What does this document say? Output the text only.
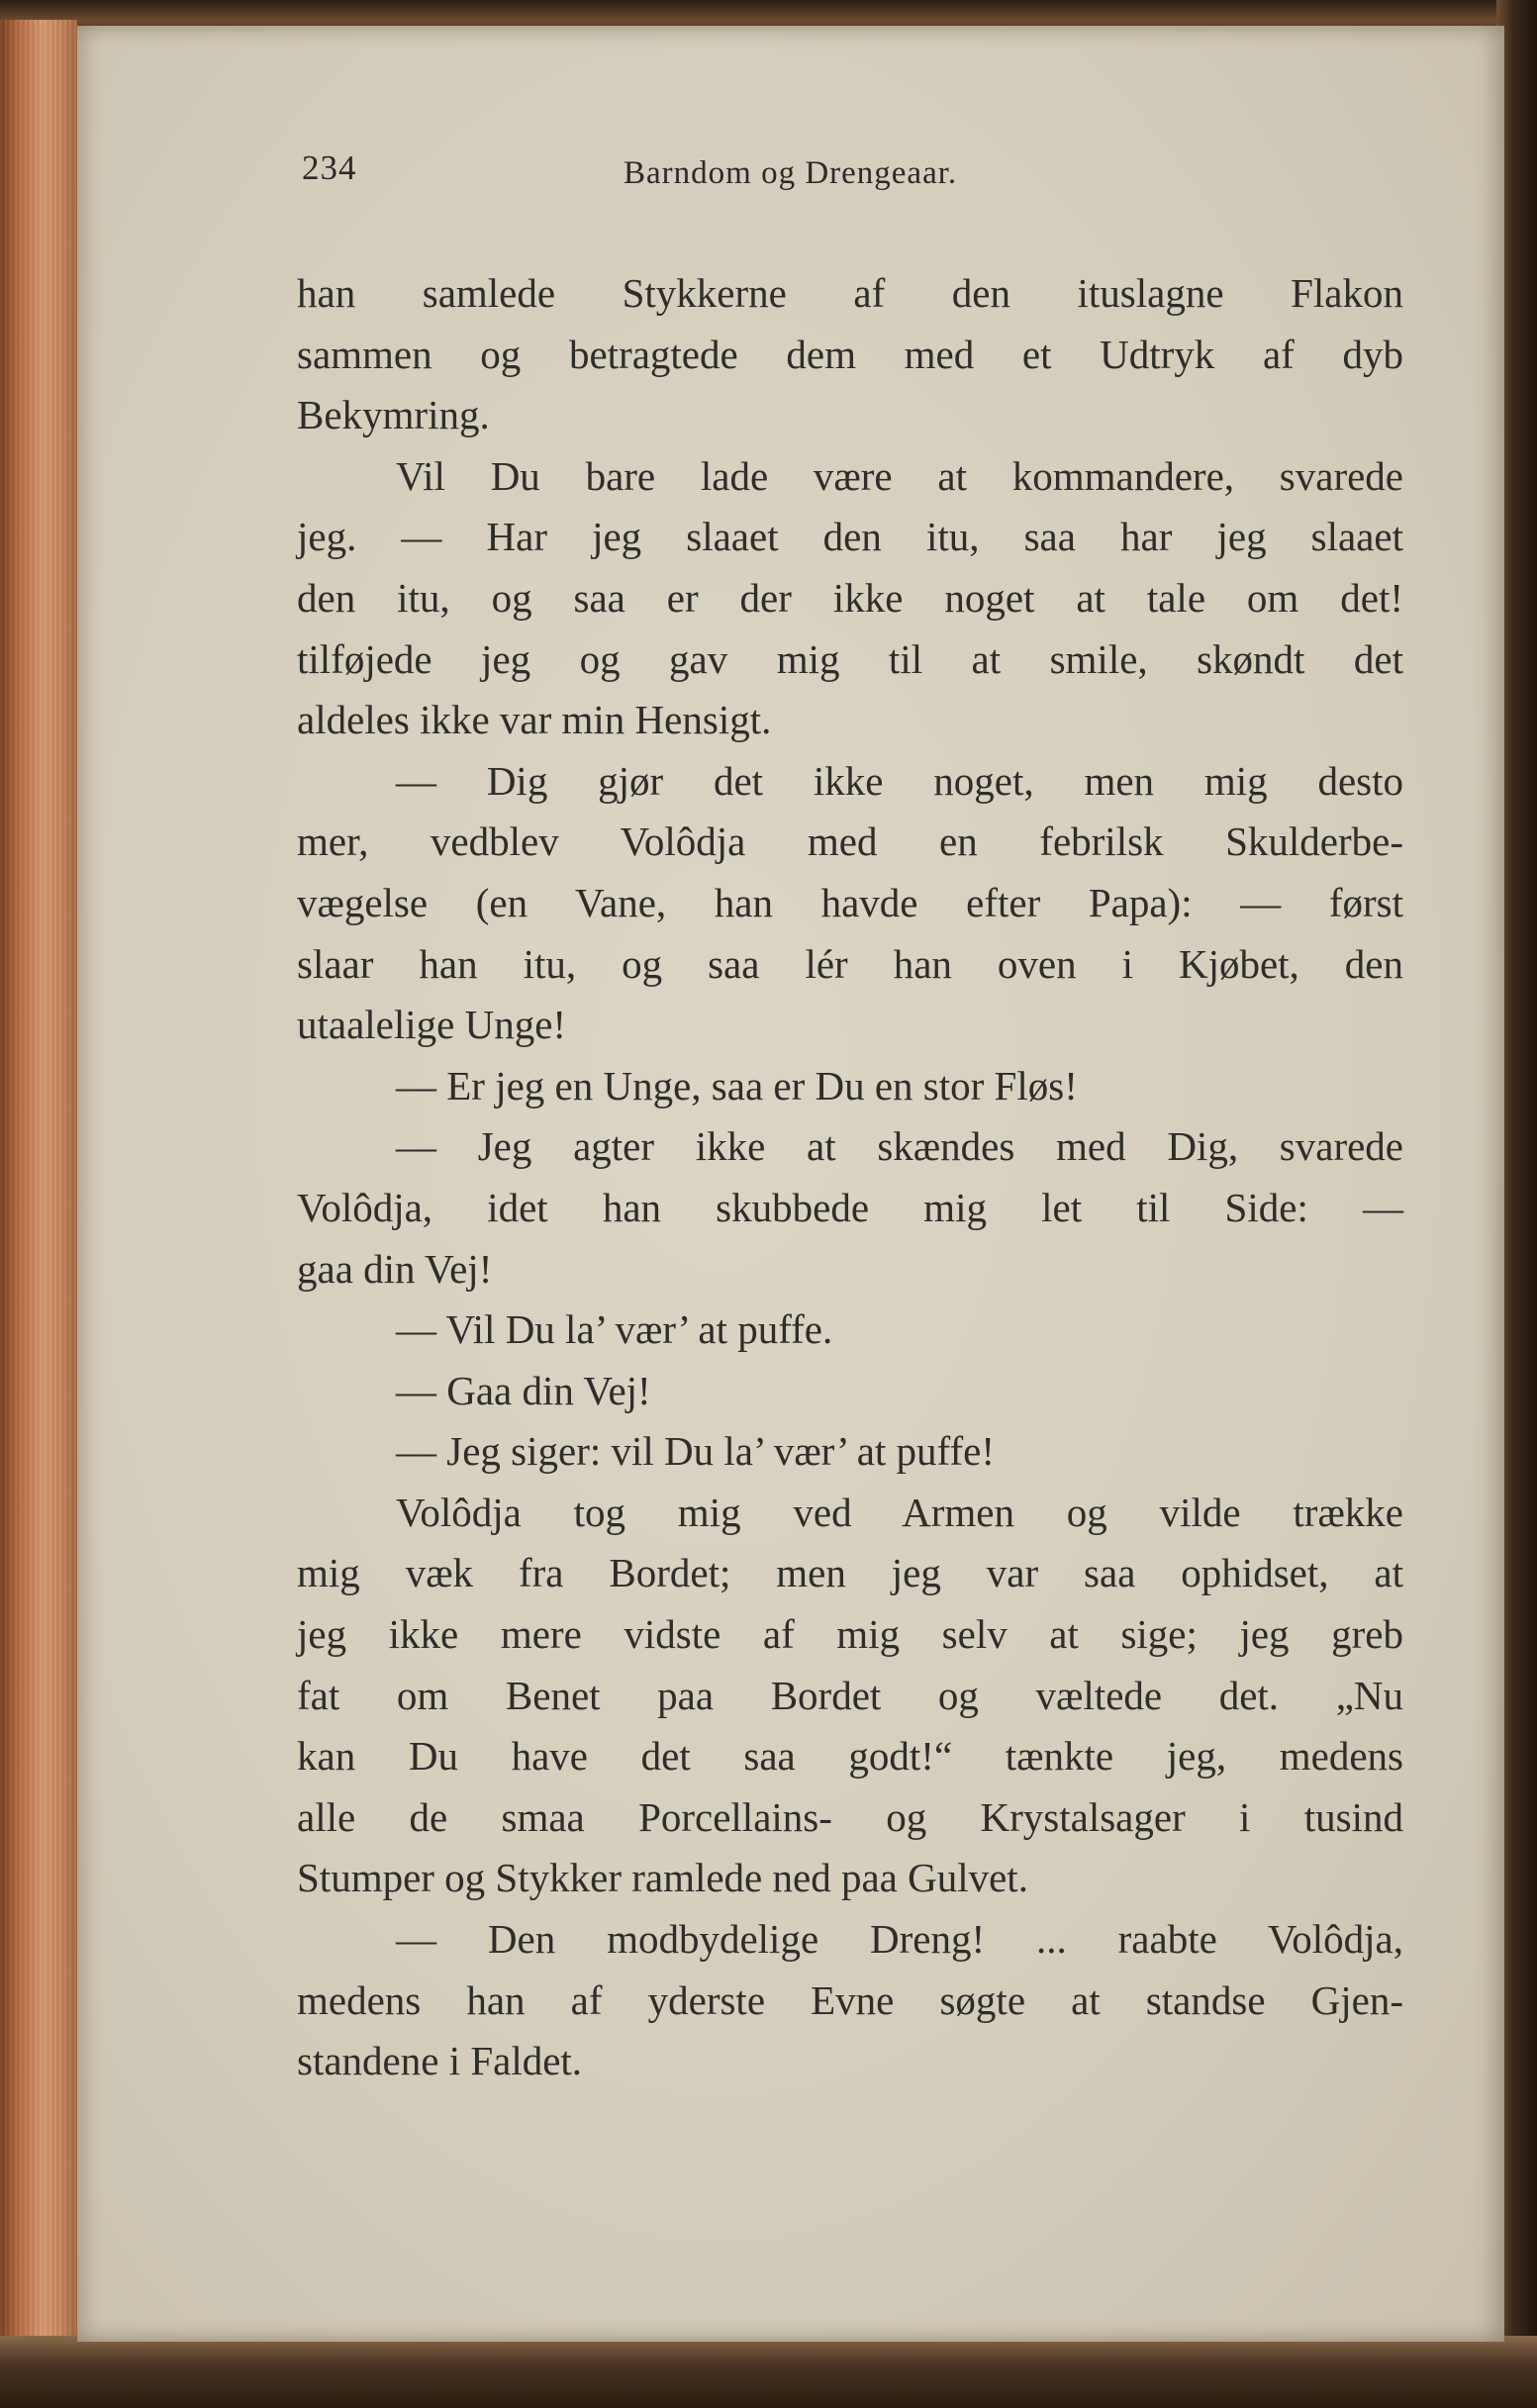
234	Barndom og Drengeaar.
han samlede Stykkerne af den ituslagne Flakon
sammen og betragtede dem med et Udtryk af dyb
Bekymring.
Vil Du bare lade være at kommandere, svarede
jeg. — Har jeg slaaet den itu, saa har jeg slaaet
den itu, og saa er der ikke noget at tale om det!
tilføjede jeg og gav mig til at smile, skøndt det
aldeles ikke var min Hensigt.
— Dig gjør det ikke noget, men mig desto
mer, vedblev Volôdja med en febrilsk Skulderbe-
vægelse (en Vane, han havde efter Papa): — først
slaar han itu, og saa lér han oven i Kjøbet, den
utaalelige Unge!
— Er jeg en Unge, saa er Du en stor Fløs!
— Jeg agter ikke at skændes med Dig, svarede
Volôdja, idet han skubbede mig let til Side: —
gaa din Vej!
— Vil Du la’ vær’ at puffe.
— Gaa din Vej!
— Jeg siger: vil Du la’ vær’ at puffe!
Volôdja tog mig ved Armen og vilde trække
mig væk fra Bordet; men jeg var saa ophidset, at
jeg ikke mere vidste af mig selv at sige; jeg greb
fat om Benet paa Bordet og væltede det. „Nu
kan Du have det saa godt!“ tænkte jeg, medens
alle de smaa Porcellains- og Krystalsager i tusind
Stumper og Stykker ramlede ned paa Gulvet.
— Den modbydelige Dreng! ... raabte Volôdja,
medens han af yderste Evne søgte at standse Gjen-
standene i Faldet.
